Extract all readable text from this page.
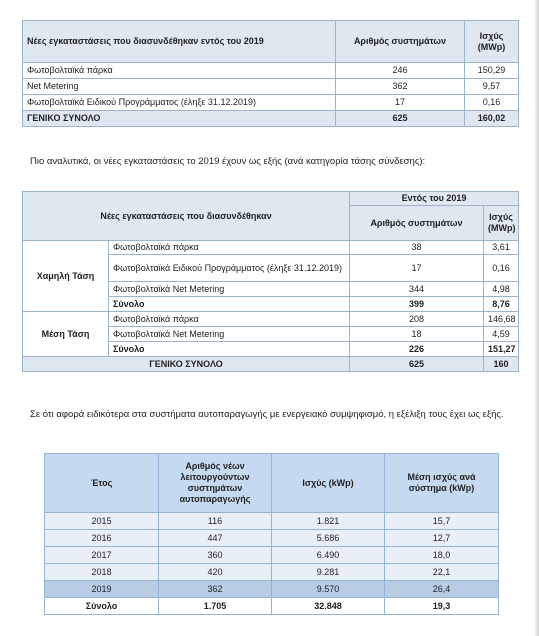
Νέες εγκαταστάσεις που διασυνδέθηκαν εντός του 2019	Αριθμός συστημάτων	Ισχύς (MWp)
Φωτοβολταϊκά πάρκα	246	150,29
Net Metering	362	9,57
Φωτοβολταϊκά Ειδικού Προγράμματος (έληξε 31.12.2019)	17	0,16
ΓΕΝΙΚΟ ΣΥΝΟΛΟ	625	160,02

Πιο αναλυτικά, οι νέες εγκαταστάσεις το 2019 έχουν ως εξής (ανά κατηγορία τάσης σύνδεσης):

Νέες εγκαταστάσεις που διασυνδέθηκαν		Εντός του 2019	
		Αριθμός συστημάτων	Ισχύς (MWp)
Χαμηλή Τάση	Φωτοβολταϊκά πάρκα	38	3,61
	Φωτοβολταϊκά Ειδικού Προγράμματος (έληξε 31.12.2019)	17	0,16
	Φωτοβολταϊκά Net Metering	344	4,98
	Σύνολο	399	8,76
Μέση Τάση	Φωτοβολταϊκά πάρκα	208	146,68
	Φωτοβολταϊκά Net Metering	18	4,59
	Σύνολο	226	151,27
ΓΕΝΙΚΟ ΣΥΝΟΛΟ		625	160

Σε ότι αφορά ειδικότερα στα συστήματα αυτοπαραγωγής με ενεργειακό συμψηφισμό, η εξέλιξη τους έχει ως εξής.

Έτος	Αριθμός νέων λειτουργούντων συστημάτων αυτοπαραγωγής	Ισχύς (kWp)	Μέση ισχύς ανά σύστημα (kWp)
2015	116	1.821	15,7
2016	447	5.686	12,7
2017	360	6.490	18,0
2018	420	9.281	22,1
2019	362	9.570	26,4
Σύνολο	1.705	32.848	19,3
